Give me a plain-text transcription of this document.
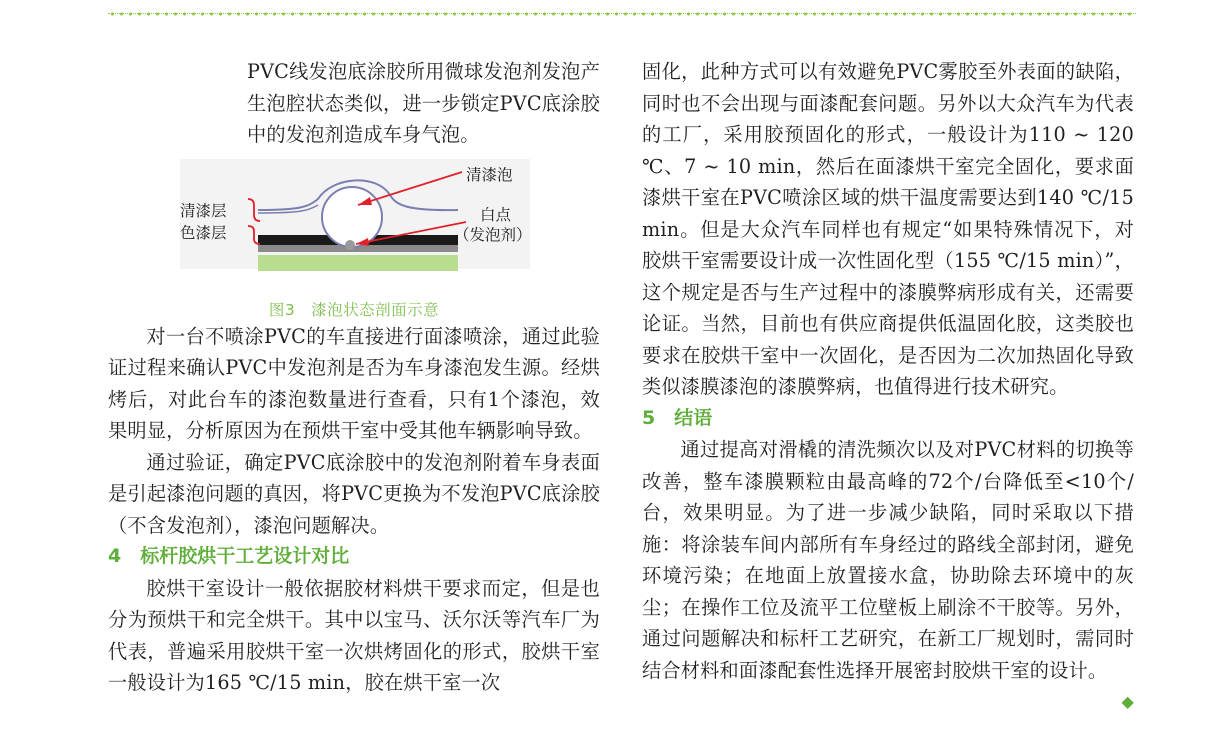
PVC线发泡底涂胶所用微球发泡剂发泡产生泡腔状态类似，进一步锁定PVC底涂胶中的发泡剂造成车身气泡。

清漆泡
清漆层
色漆层
白点
（发泡剂）
图3　漆泡状态剖面示意

对一台不喷涂PVC的车直接进行面漆喷涂，通过此验证过程来确认PVC中发泡剂是否为车身漆泡发生源。经烘烤后，对此台车的漆泡数量进行查看，只有1个漆泡，效果明显，分析原因为在预烘干室中受其他车辆影响导致。

通过验证，确定PVC底涂胶中的发泡剂附着车身表面是引起漆泡问题的真因，将PVC更换为不发泡PVC底涂胶（不含发泡剂），漆泡问题解决。

4　标杆胶烘干工艺设计对比

胶烘干室设计一般依据胶材料烘干要求而定，但是也分为预烘干和完全烘干。其中以宝马、沃尔沃等汽车厂为代表，普遍采用胶烘干室一次烘烤固化的形式，胶烘干室一般设计为165 ℃/15 min，胶在烘干室一次

固化，此种方式可以有效避免PVC雾胶至外表面的缺陷，同时也不会出现与面漆配套问题。另外以大众汽车为代表的工厂，采用胶预固化的形式，一般设计为110 ~ 120 ℃、7 ~ 10 min，然后在面漆烘干室完全固化，要求面漆烘干室在PVC喷涂区域的烘干温度需要达到140 ℃/15 min。但是大众汽车同样也有规定“如果特殊情况下，对胶烘干室需要设计成一次性固化型（155 ℃/15 min）”，这个规定是否与生产过程中的漆膜弊病形成有关，还需要论证。当然，目前也有供应商提供低温固化胶，这类胶也要求在胶烘干室中一次固化，是否因为二次加热固化导致类似漆膜漆泡的漆膜弊病，也值得进行技术研究。

5　结语

通过提高对滑橇的清洗频次以及对PVC材料的切换等改善，整车漆膜颗粒由最高峰的72个/台降低至<10个/台，效果明显。为了进一步减少缺陷，同时采取以下措施：将涂装车间内部所有车身经过的路线全部封闭，避免环境污染；在地面上放置接水盒，协助除去环境中的灰尘；在操作工位及流平工位壁板上刷涂不干胶等。另外，通过问题解决和标杆工艺研究，在新工厂规划时，需同时结合材料和面漆配套性选择开展密封胶烘干室的设计。
◆
